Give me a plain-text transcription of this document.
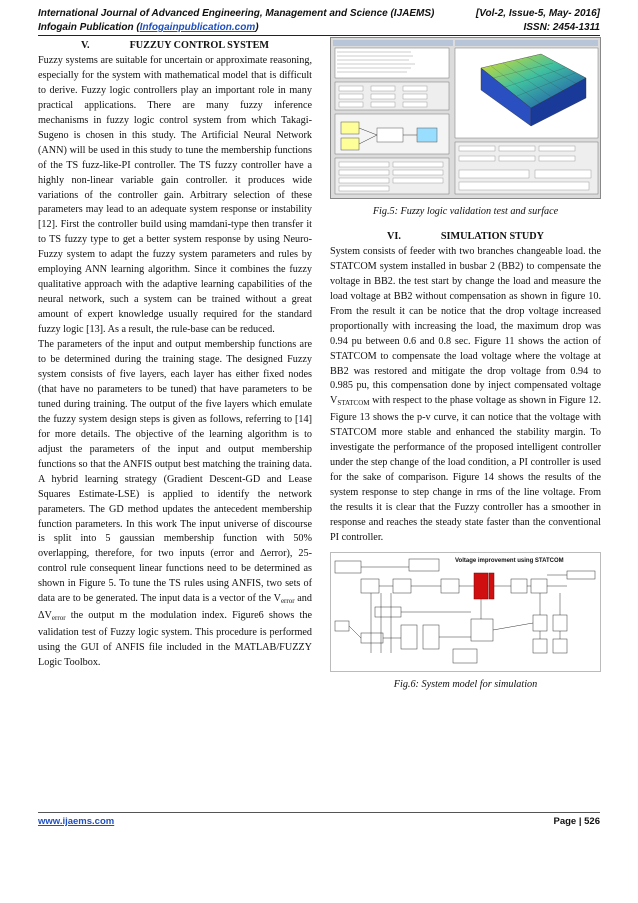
International Journal of Advanced Engineering, Management and Science (IJAEMS)	[Vol-2, Issue-5, May- 2016]
Infogain Publication (Infogainpublication.com)	ISSN: 2454-1311
V.	FUZZUY CONTROL SYSTEM

Fuzzy systems are suitable for uncertain or approximate reasoning, especially for the system with mathematical model that is difficult to derive. Fuzzy logic controllers play an important role in many practical applications. There are many fuzzy inference mechanisms in fuzzy logic control system from which Takagi-Sugeno is chosen in this study. The Artificial Neural Network (ANN) will be used in this study to tune the membership functions of the TS fuzz-like-PI controller. The TS fuzzy controller have a highly non-linear variable gain controller. it produces wide variations of the controller gain. Arbitrary selection of these parameters may lead to an adequate system response or instability [12]. First the controller build using mamdani-type then transfer it to TS fuzzy type to get a better system response by using Neuro-Fuzzy system to adapt the fuzzy system parameters and rules by employing ANN learning algorithm. Since it combines the fuzzy qualitative approach with the adaptive learning capabilities of the neural network, such a system can be trained without a great amount of expert knowledge usually required for the standard fuzzy logic [13]. As a result, the rule-base can be reduced.

The parameters of the input and output membership functions are to be determined during the training stage. The designed Fuzzy system consists of five layers, each layer has either fixed nodes (that have no parameters to be tuned) that have parameters to be tuned during training. The output of the five layers which emulate the fuzzy system design steps is given as follows, referring to [14] for more details. The objective of the learning algorithm is to adjust the parameters of the input and output membership functions so that the ANFIS output best matching the training data. A hybrid learning strategy (Gradient Descent-GD and Lease Squares Estimate-LSE) is applied to identify the network parameters. The GD method updates the antecedent membership function parameters. In this work The input universe of discourse is split into 5 gaussian membership function with 50% overlapping, therefore, for two inputs (error and Δerror), 25-control rule consequent linear functions need to be determined as shown in Figure 5. To tune the TS rules using ANFIS, two sets of data are to be generated. The input data is a vector of the $V_{error}$ and $\Delta V_{error}$ the output m the modulation index. Figure6 shows the validation test of Fuzzy logic system. This procedure is performed using the GUI of ANFIS file included in the MATLAB/FUZZY Logic Toolbox.

Fig.5: Fuzzy logic validation test and surface
VI.	SIMULATION STUDY

System consists of feeder with two branches changeable load. the STATCOM system installed in busbar 2 (BB2) to compensate the voltage in BB2. the test start by change the load and measure the load voltage at BB2 without compensation as shown in figure 10. From the result it can be notice that the drop voltage increased proportionally with increasing the load, the maximum drop was 0.94 pu between 0.6 and 0.8 sec. Figure 11 shows the action of STATCOM to compensate the load voltage where the voltage at BB2 was restored and mitigate the drop voltage from 0.94 to 0.985 pu, this compensation done by inject compensated voltage $V_{STATCOM}$ with respect to the phase voltage as shown in Figure 12. Figure 13 shows the p-v curve, it can notice that the voltage with STATCOM more stable and enhanced the stability margin. To investigate the performance of the proposed intelligent controller under the step change of the load condition, a PI controller is used for the sake of comparison. Figure 14 shows the results of the system response to step change in rms of the line voltage. From the results it is clear that the Fuzzy controller has a smoother in response and reaches the steady state faster than the conventional PI controller.

Voltage improvement using STATCOM
Fig.6: System model for simulation
www.ijaems.com	Page | 526
